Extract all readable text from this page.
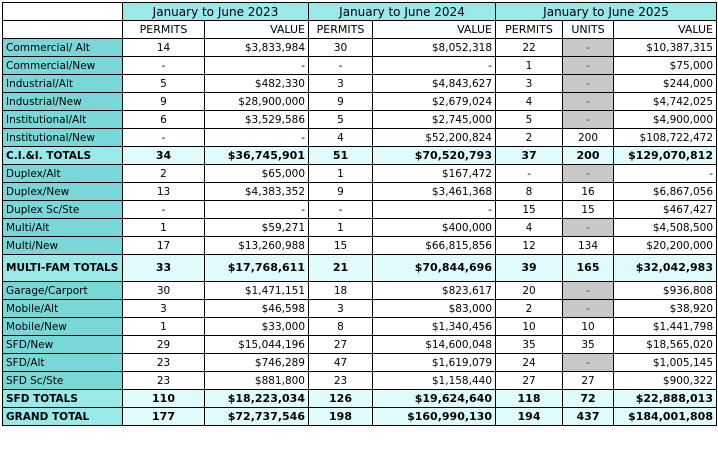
	January to June 2023		January to June 2024		January to June 2025		
	PERMITS	VALUE	PERMITS	VALUE	PERMITS	UNITS	VALUE
Commercial/ Alt	14	$3,833,984	30	$8,052,318	22	-	$10,387,315
Commercial/New	-	-	-	-	1	-	$75,000
Industrial/Alt	5	$482,330	3	$4,843,627	3	-	$244,000
Industrial/New	9	$28,900,000	9	$2,679,024	4	-	$4,742,025
Institutional/Alt	6	$3,529,586	5	$2,745,000	5	-	$4,900,000
Institutional/New	-	-	4	$52,200,824	2	200	$108,722,472
C.I.&I. TOTALS	34	$36,745,901	51	$70,520,793	37	200	$129,070,812
Duplex/Alt	2	$65,000	1	$167,472	-	-	-
Duplex/New	13	$4,383,352	9	$3,461,368	8	16	$6,867,056
Duplex Sc/Ste	-	-	-	-	15	15	$467,427
Multi/Alt	1	$59,271	1	$400,000	4	-	$4,508,500
Multi/New	17	$13,260,988	15	$66,815,856	12	134	$20,200,000
MULTI-FAM TOTALS	33	$17,768,611	21	$70,844,696	39	165	$32,042,983
Garage/Carport	30	$1,471,151	18	$823,617	20	-	$936,808
Mobile/Alt	3	$46,598	3	$83,000	2	-	$38,920
Mobile/New	1	$33,000	8	$1,340,456	10	10	$1,441,798
SFD/New	29	$15,044,196	27	$14,600,048	35	35	$18,565,020
SFD/Alt	23	$746,289	47	$1,619,079	24	-	$1,005,145
SFD Sc/Ste	23	$881,800	23	$1,158,440	27	27	$900,322
SFD TOTALS	110	$18,223,034	126	$19,624,640	118	72	$22,888,013
GRAND TOTAL	177	$72,737,546	198	$160,990,130	194	437	$184,001,808
